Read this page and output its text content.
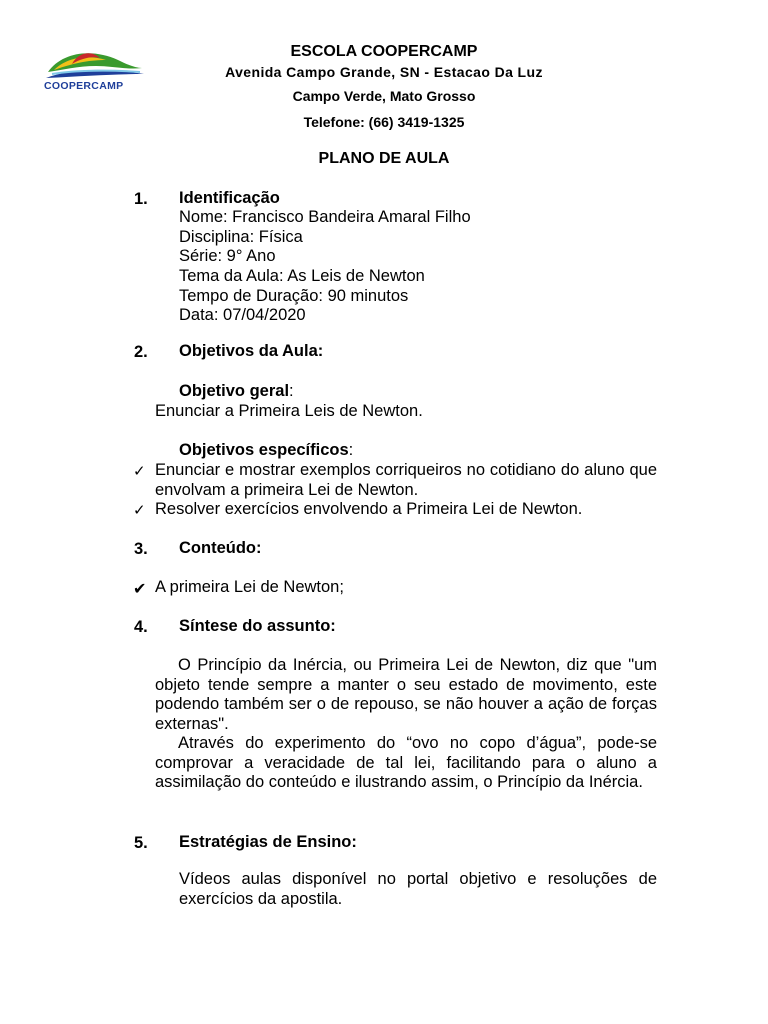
COOPERCAMP
ESCOLA COOPERCAMP
Avenida Campo Grande, SN - Estacao Da Luz
Campo Verde, Mato Grosso
Telefone: (66) 3419-1325
PLANO DE AULA
1. Identificação
Nome: Francisco Bandeira Amaral Filho
Disciplina: Física
Série: 9° Ano
Tema da Aula: As Leis de Newton
Tempo de Duração: 90 minutos
Data: 07/04/2020
2. Objetivos da Aula:
Objetivo geral:
Enunciar a Primeira Leis de Newton.
Objetivos específicos:
✓ Enunciar e mostrar exemplos corriqueiros no cotidiano do aluno que envolvam a primeira Lei de Newton.
✓ Resolver exercícios envolvendo a Primeira Lei de Newton.
3. Conteúdo:
✔ A primeira Lei de Newton;
4. Síntese do assunto:
O Princípio da Inércia, ou Primeira Lei de Newton, diz que "um objeto tende sempre a manter o seu estado de movimento, este podendo também ser o de repouso, se não houver a ação de forças externas".
Através do experimento do “ovo no copo d’água”, pode-se comprovar a veracidade de tal lei, facilitando para o aluno a assimilação do conteúdo e ilustrando assim, o Princípio da Inércia.
5. Estratégias de Ensino:
Vídeos aulas disponível no portal objetivo e resoluções de exercícios da apostila.
